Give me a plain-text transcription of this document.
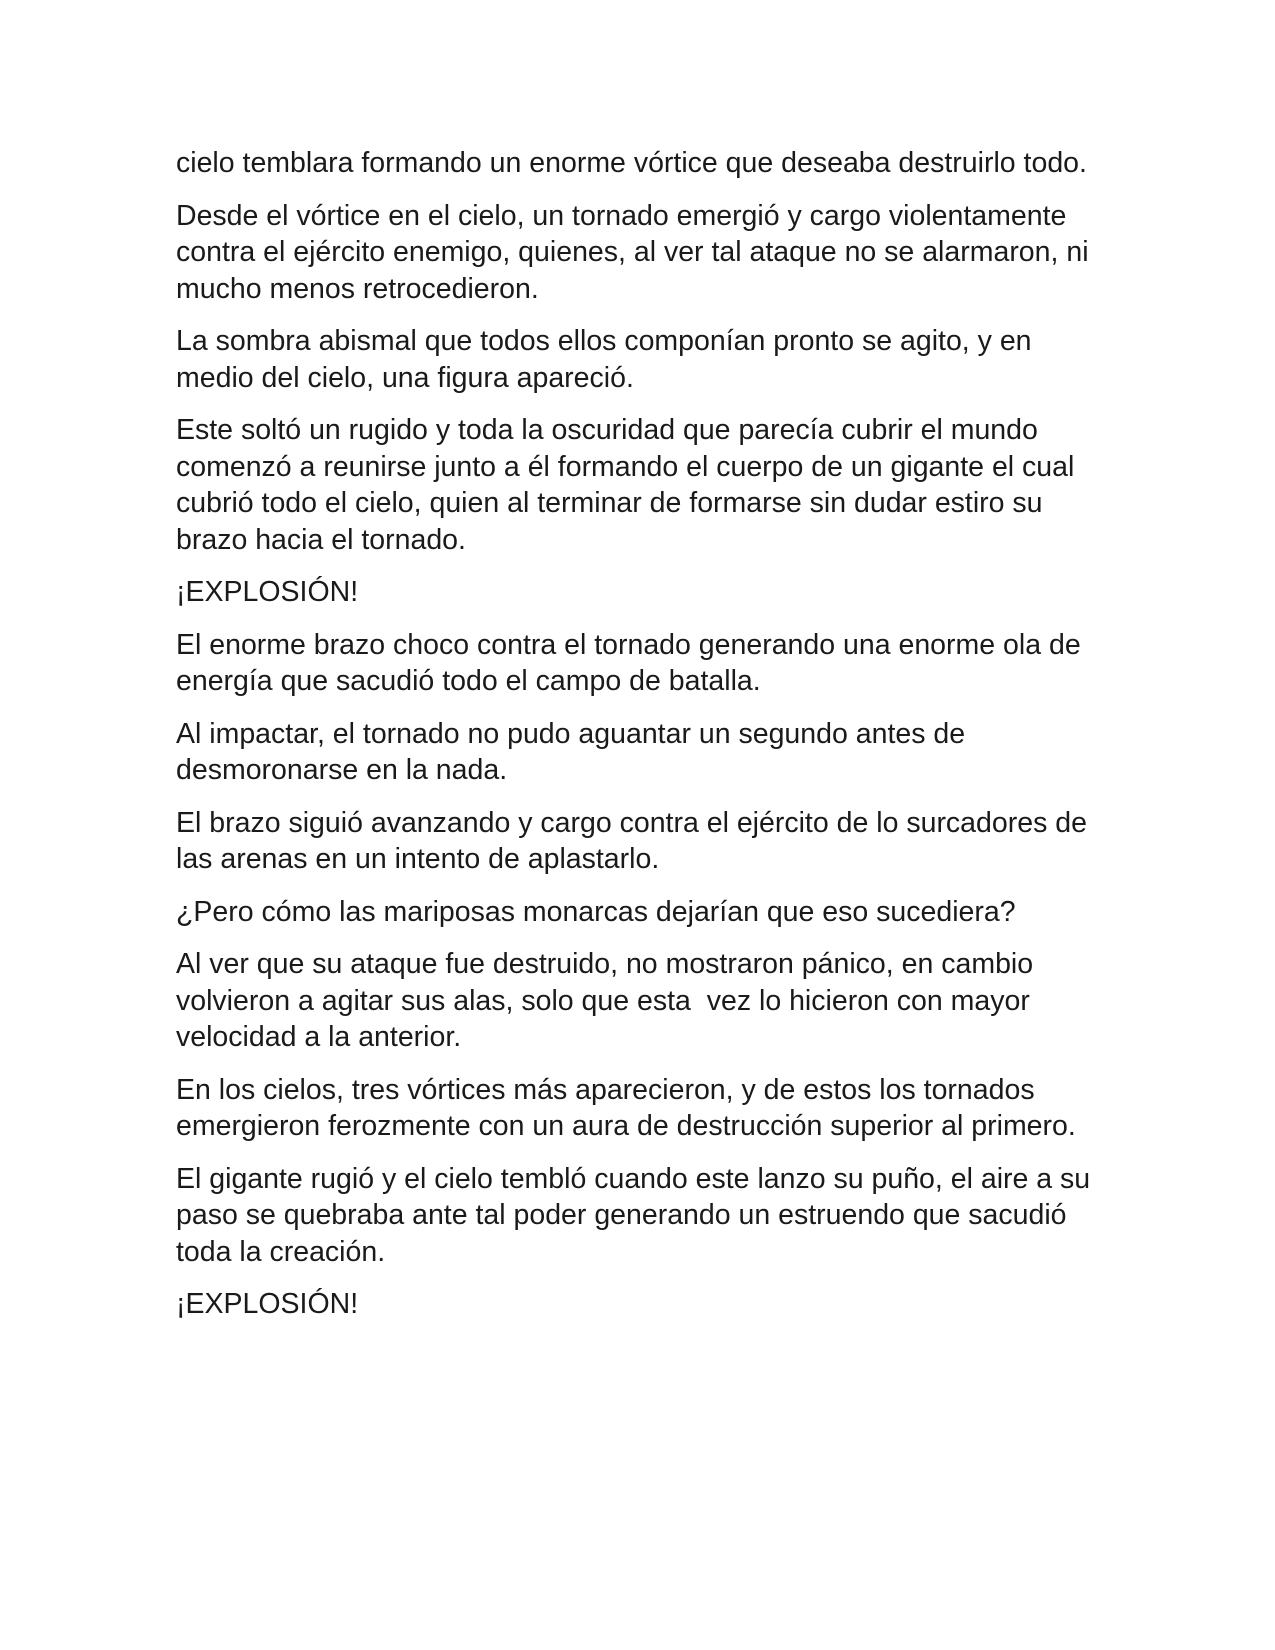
cielo temblara formando un enorme vórtice que deseaba destruirlo todo.

Desde el vórtice en el cielo, un tornado emergió y cargo violentamente contra el ejército enemigo, quienes, al ver tal ataque no se alarmaron, ni mucho menos retrocedieron.

La sombra abismal que todos ellos componían pronto se agito, y en medio del cielo, una figura apareció.

Este soltó un rugido y toda la oscuridad que parecía cubrir el mundo comenzó a reunirse junto a él formando el cuerpo de un gigante el cual cubrió todo el cielo, quien al terminar de formarse sin dudar estiro su brazo hacia el tornado.

¡EXPLOSIÓN!

El enorme brazo choco contra el tornado generando una enorme ola de energía que sacudió todo el campo de batalla.

Al impactar, el tornado no pudo aguantar un segundo antes de desmoronarse en la nada.

El brazo siguió avanzando y cargo contra el ejército de lo surcadores de las arenas en un intento de aplastarlo.

¿Pero cómo las mariposas monarcas dejarían que eso sucediera?

Al ver que su ataque fue destruido, no mostraron pánico, en cambio volvieron a agitar sus alas, solo que esta  vez lo hicieron con mayor velocidad a la anterior.

En los cielos, tres vórtices más aparecieron, y de estos los tornados emergieron ferozmente con un aura de destrucción superior al primero.

El gigante rugió y el cielo tembló cuando este lanzo su puño, el aire a su paso se quebraba ante tal poder generando un estruendo que sacudió toda la creación.

¡EXPLOSIÓN!
